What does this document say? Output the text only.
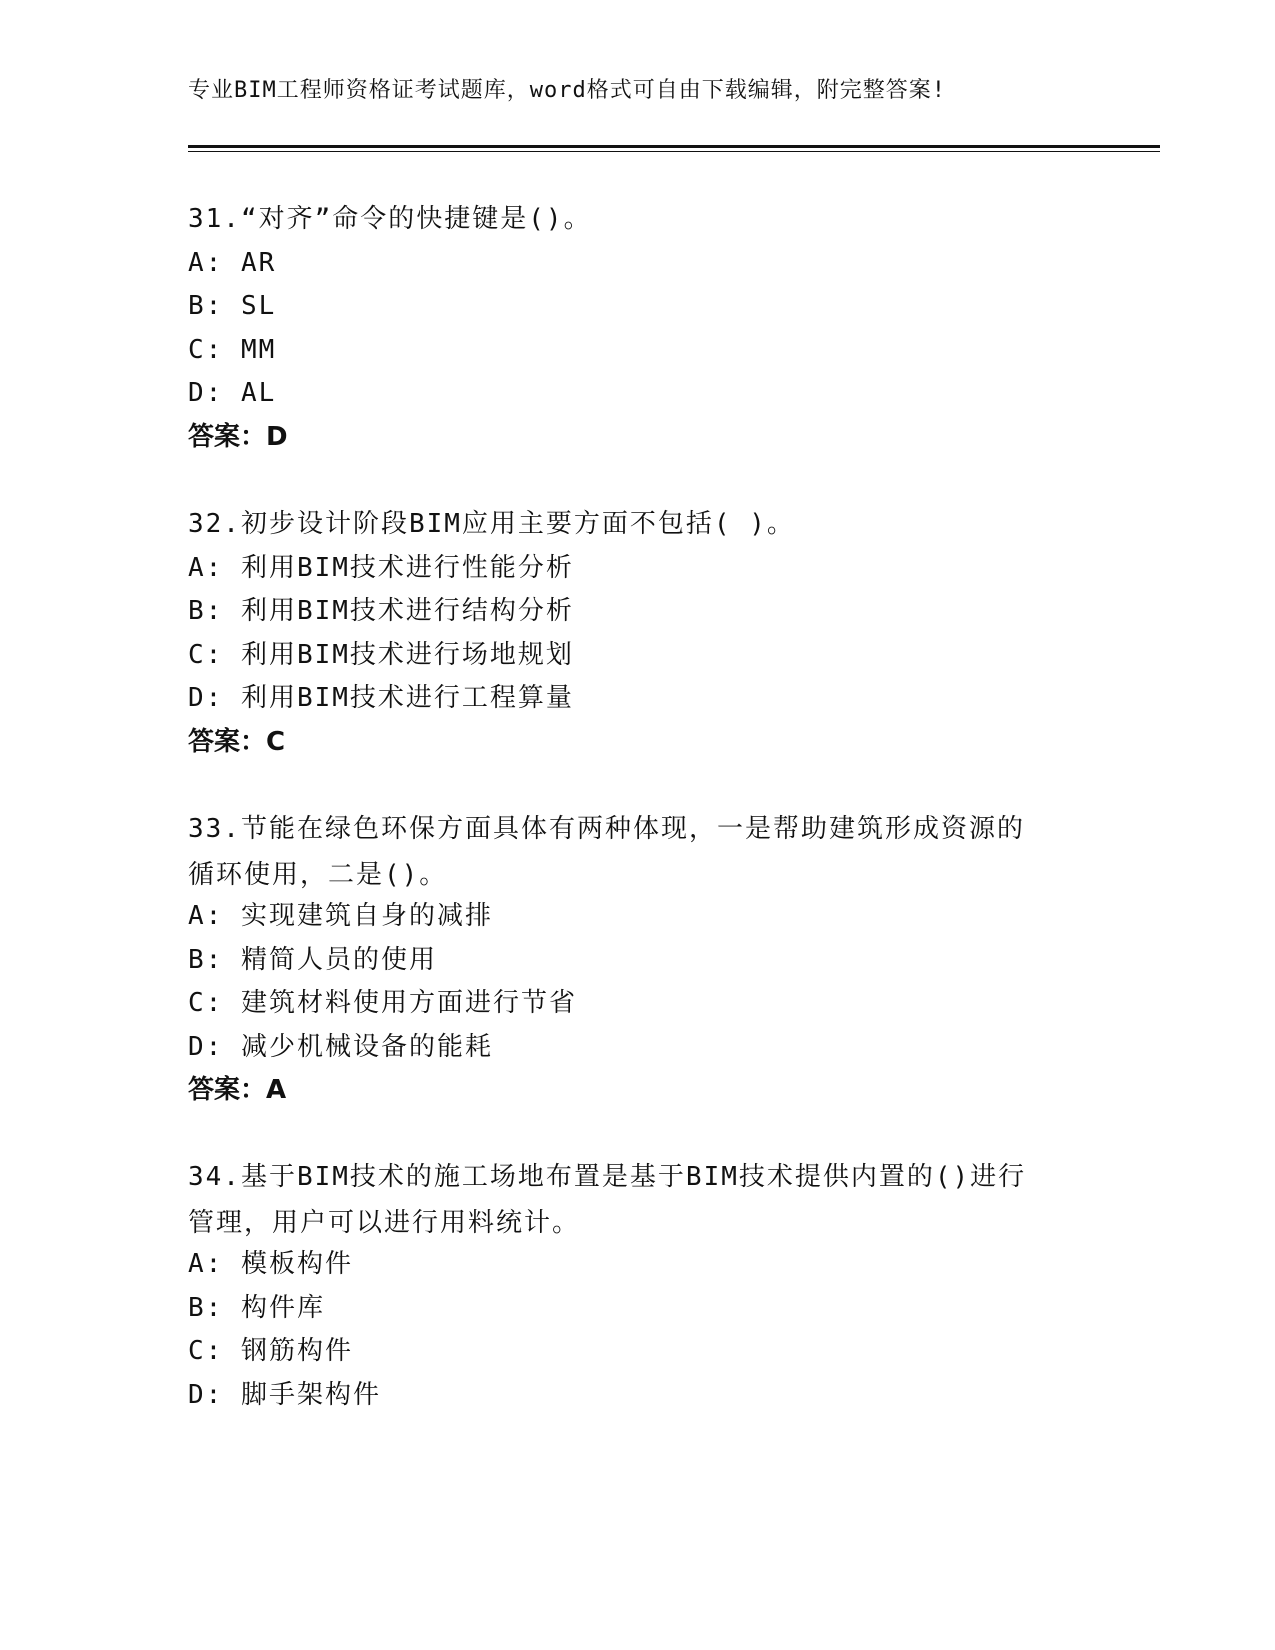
专业BIM工程师资格证考试题库，word格式可自由下载编辑，附完整答案!
31.“对齐”命令的快捷键是()。
A: AR
B: SL
C: MM
D: AL
答案：D
32.初步设计阶段BIM应用主要方面不包括( )。
A: 利用BIM技术进行性能分析
B: 利用BIM技术进行结构分析
C: 利用BIM技术进行场地规划
D: 利用BIM技术进行工程算量
答案：C
33.节能在绿色环保方面具体有两种体现，一是帮助建筑形成资源的循环使用，二是()。
A: 实现建筑自身的减排
B: 精简人员的使用
C: 建筑材料使用方面进行节省
D: 减少机械设备的能耗
答案：A
34.基于BIM技术的施工场地布置是基于BIM技术提供内置的()进行管理，用户可以进行用料统计。
A: 模板构件
B: 构件库
C: 钢筋构件
D: 脚手架构件
